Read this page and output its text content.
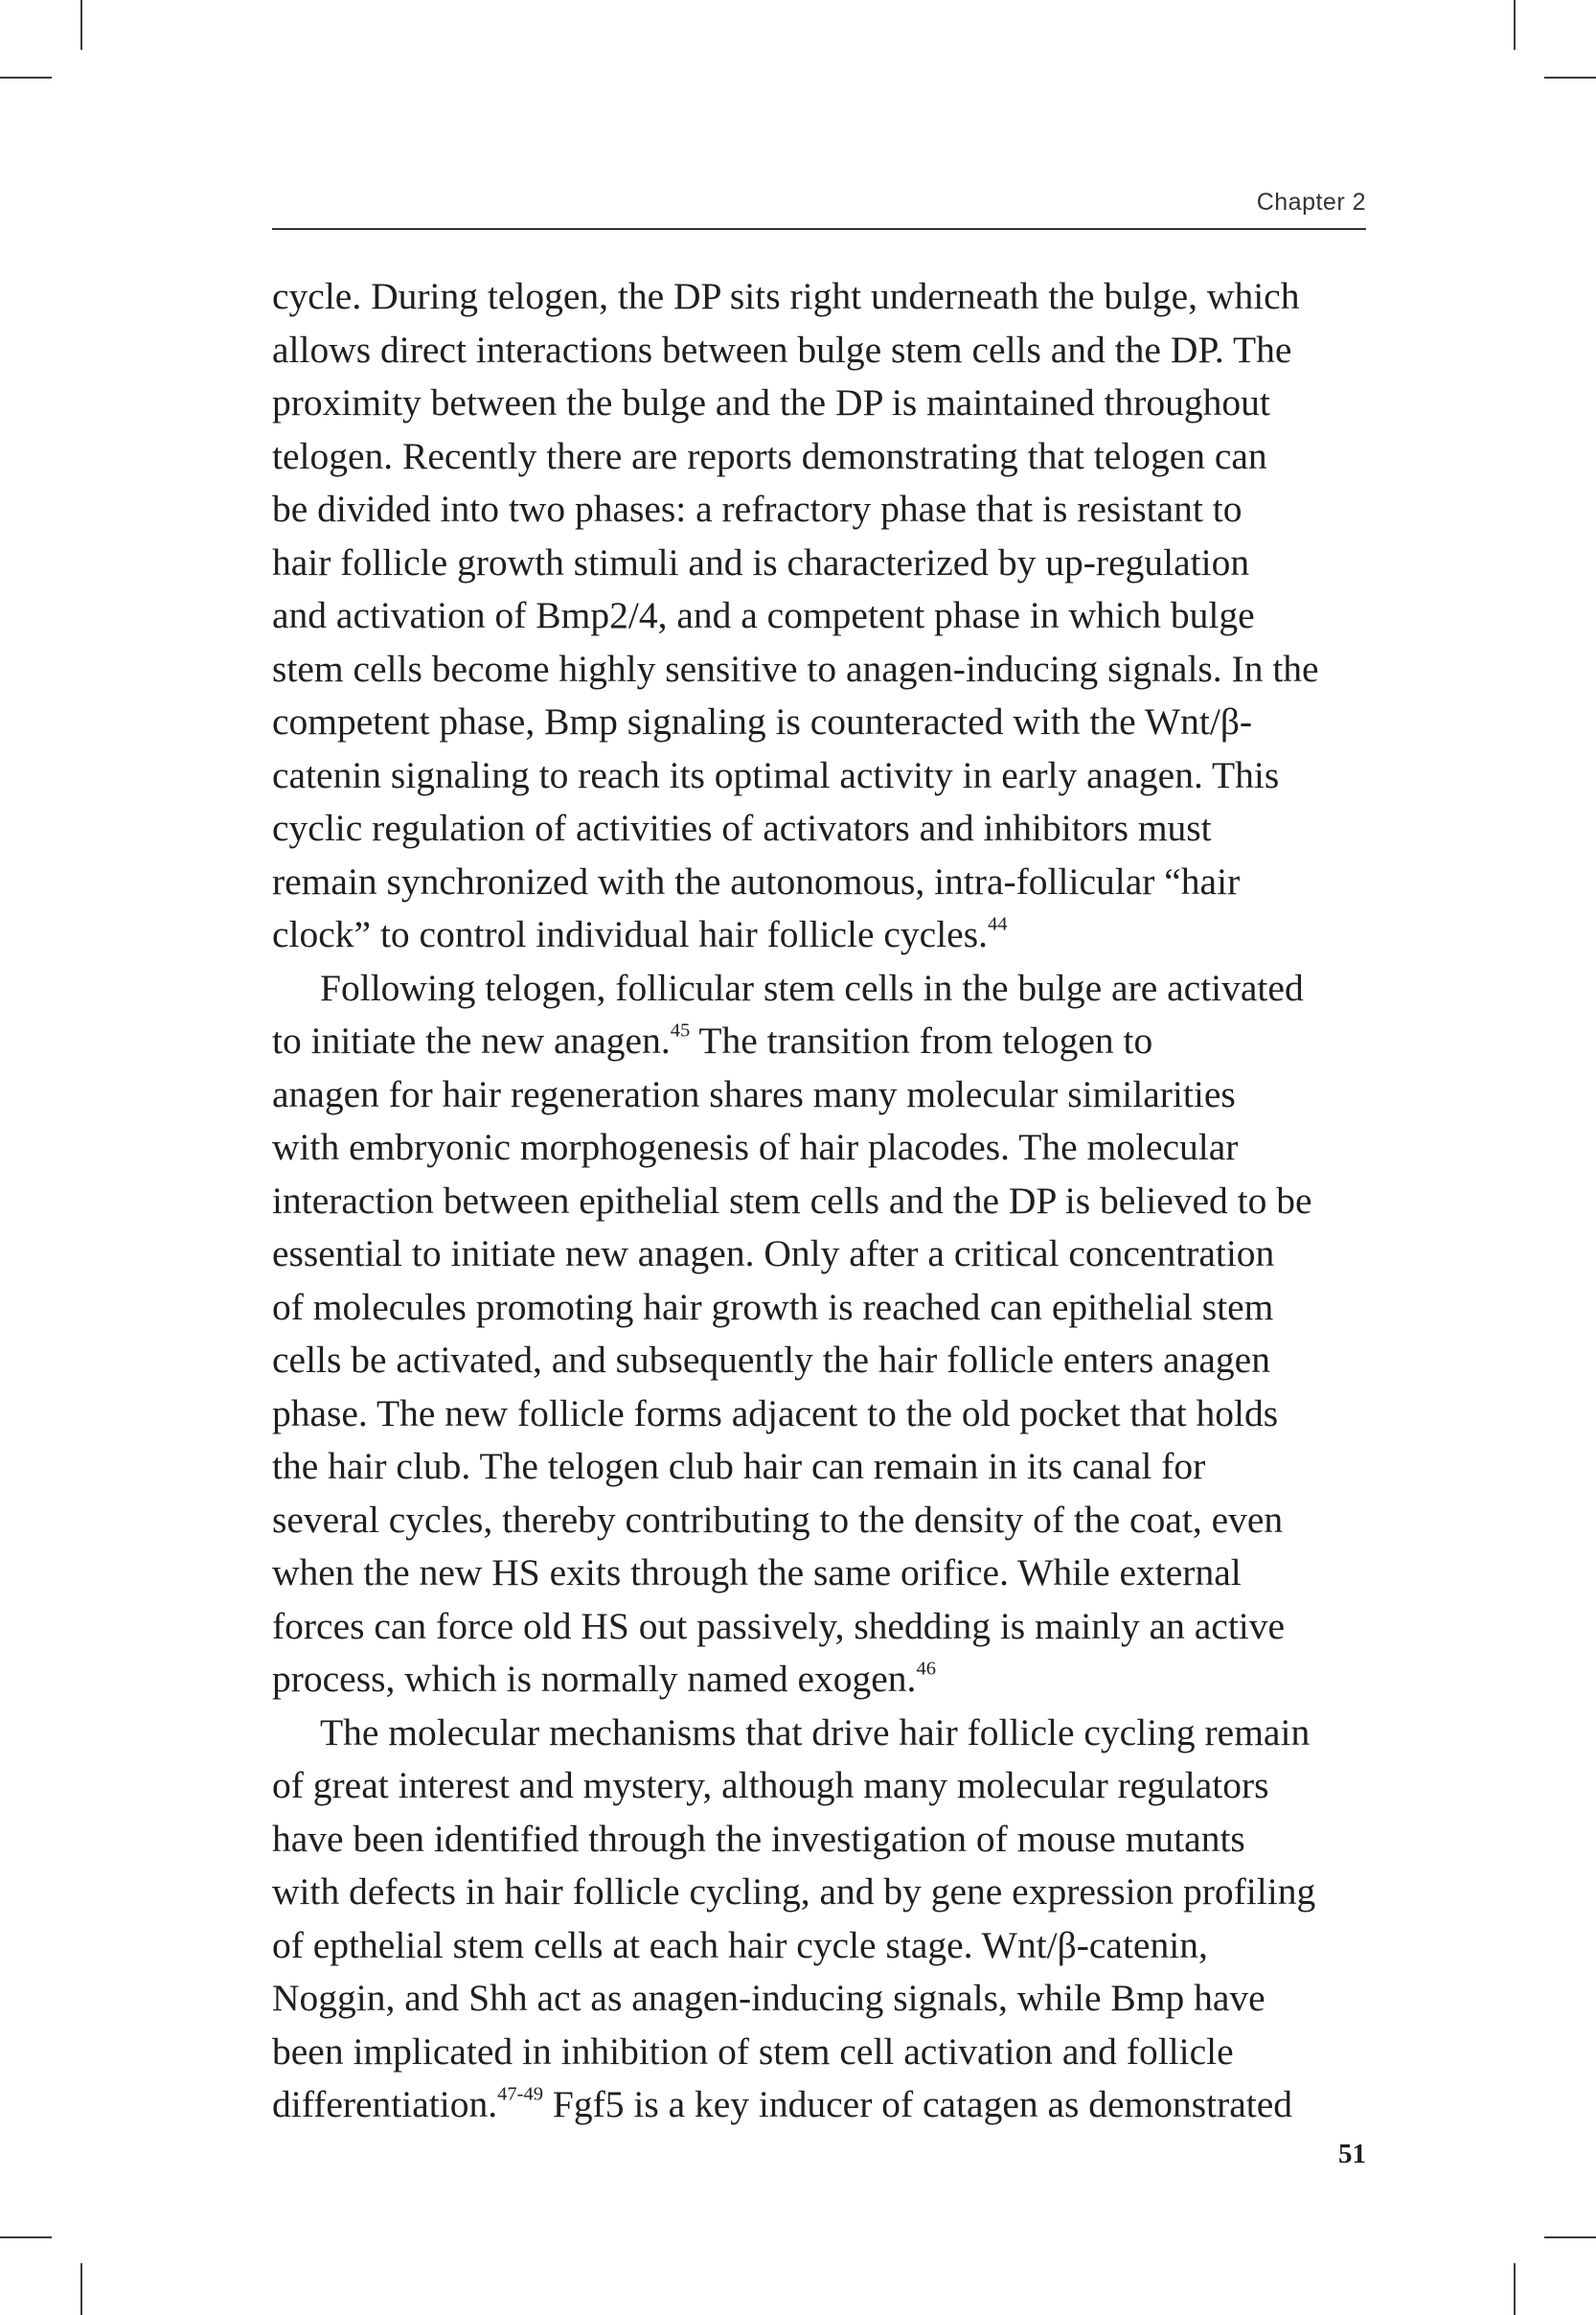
Chapter 2
cycle. During telogen, the DP sits right underneath the bulge, which
allows direct interactions between bulge stem cells and the DP. The
proximity between the bulge and the DP is maintained throughout
telogen. Recently there are reports demonstrating that telogen can
be divided into two phases: a refractory phase that is resistant to
hair follicle growth stimuli and is characterized by up-regulation
and activation of Bmp2/4, and a competent phase in which bulge
stem cells become highly sensitive to anagen-inducing signals. In the
competent phase, Bmp signaling is counteracted with the Wnt/β-
catenin signaling to reach its optimal activity in early anagen. This
cyclic regulation of activities of activators and inhibitors must
remain synchronized with the autonomous, intra-follicular “hair
clock” to control individual hair follicle cycles.$^{44}$
Following telogen, follicular stem cells in the bulge are activated
to initiate the new anagen.$^{45}$ The transition from telogen to
anagen for hair regeneration shares many molecular similarities
with embryonic morphogenesis of hair placodes. The molecular
interaction between epithelial stem cells and the DP is believed to be
essential to initiate new anagen. Only after a critical concentration
of molecules promoting hair growth is reached can epithelial stem
cells be activated, and subsequently the hair follicle enters anagen
phase. The new follicle forms adjacent to the old pocket that holds
the hair club. The telogen club hair can remain in its canal for
several cycles, thereby contributing to the density of the coat, even
when the new HS exits through the same orifice. While external
forces can force old HS out passively, shedding is mainly an active
process, which is normally named exogen.$^{46}$
The molecular mechanisms that drive hair follicle cycling remain
of great interest and mystery, although many molecular regulators
have been identified through the investigation of mouse mutants
with defects in hair follicle cycling, and by gene expression profiling
of epthelial stem cells at each hair cycle stage. Wnt/β-catenin,
Noggin, and Shh act as anagen-inducing signals, while Bmp have
been implicated in inhibition of stem cell activation and follicle
differentiation.$^{47-49}$ Fgf5 is a key inducer of catagen as demonstrated
51
